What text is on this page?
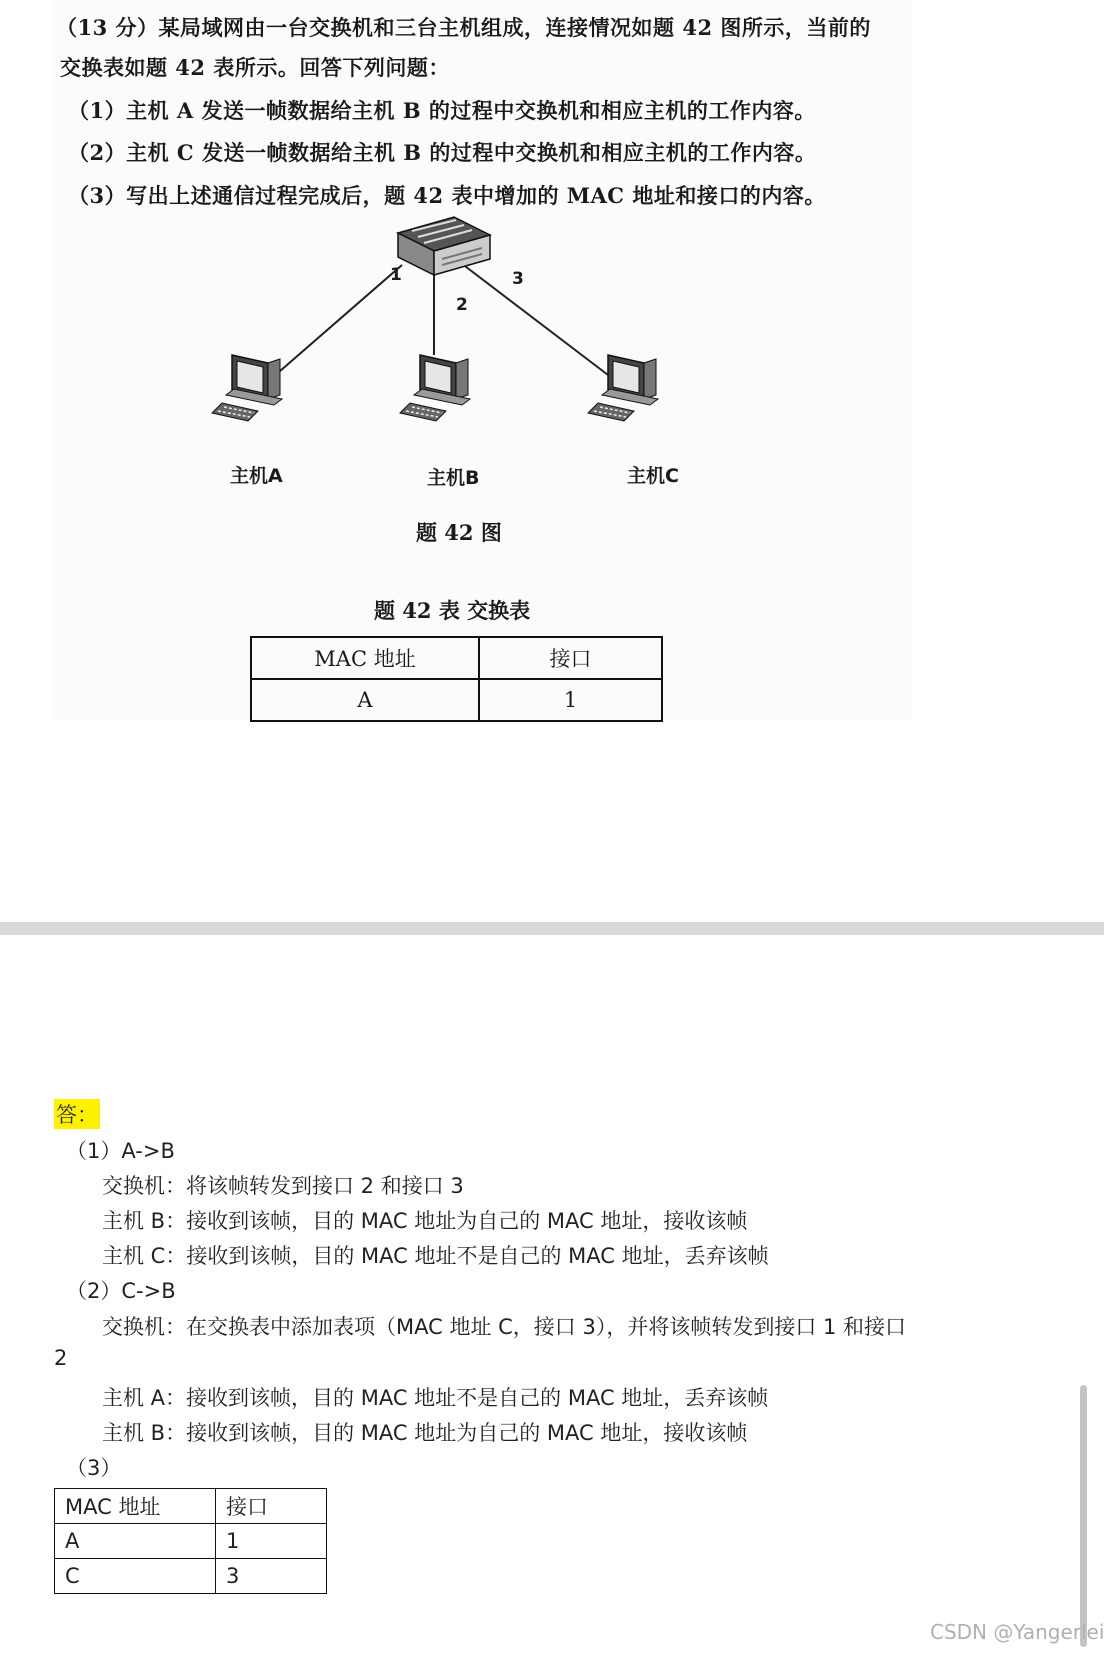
（13 分）某局域网由一台交换机和三台主机组成，连接情况如题 42 图所示，当前的
交换表如题 42 表所示。回答下列问题：
（1）主机 A 发送一帧数据给主机 B 的过程中交换机和相应主机的工作内容。
（2）主机 C 发送一帧数据给主机 B 的过程中交换机和相应主机的工作内容。
（3）写出上述通信过程完成后，题 42 表中增加的 MAC 地址和接口的内容。
1
2
3
主机A	主机B	主机C
题 42 图
题 42 表 交换表
MAC 地址	接口
A	1
答：
（1）A->B
交换机：将该帧转发到接口 2 和接口 3
主机 B：接收到该帧，目的 MAC 地址为自己的 MAC 地址，接收该帧
主机 C：接收到该帧，目的 MAC 地址不是自己的 MAC 地址，丢弃该帧
（2）C->B
交换机：在交换表中添加表项（MAC 地址 C，接口 3），并将该帧转发到接口 1 和接口
2
主机 A：接收到该帧，目的 MAC 地址不是自己的 MAC 地址，丢弃该帧
主机 B：接收到该帧，目的 MAC 地址为自己的 MAC 地址，接收该帧
（3）
MAC 地址	接口
A	1
C	3
CSDN @Yangerlei
